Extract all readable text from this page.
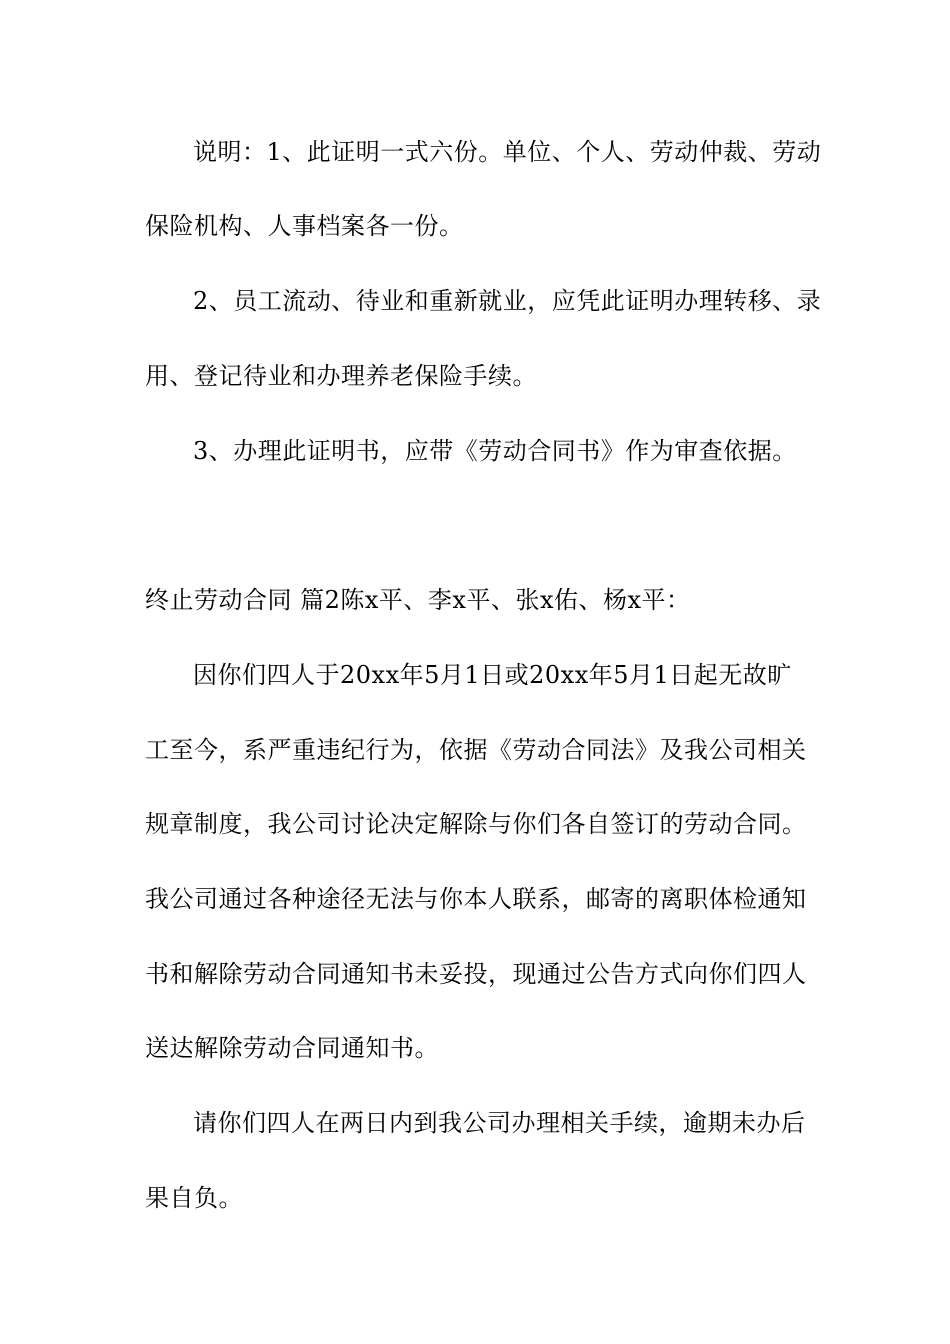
说明：1、此证明一式六份。单位、个人、劳动仲裁、劳动
保险机构、人事档案各一份。
2、员工流动、待业和重新就业，应凭此证明办理转移、录
用、登记待业和办理养老保险手续。
3、办理此证明书，应带《劳动合同书》作为审查依据。
终止劳动合同 篇2陈x平、李x平、张x佑、杨x平：
因你们四人于20xx年5月1日或20xx年5月1日起无故旷
工至今，系严重违纪行为，依据《劳动合同法》及我公司相关
规章制度，我公司讨论决定解除与你们各自签订的劳动合同。
我公司通过各种途径无法与你本人联系，邮寄的离职体检通知
书和解除劳动合同通知书未妥投，现通过公告方式向你们四人
送达解除劳动合同通知书。
请你们四人在两日内到我公司办理相关手续，逾期未办后
果自负。
